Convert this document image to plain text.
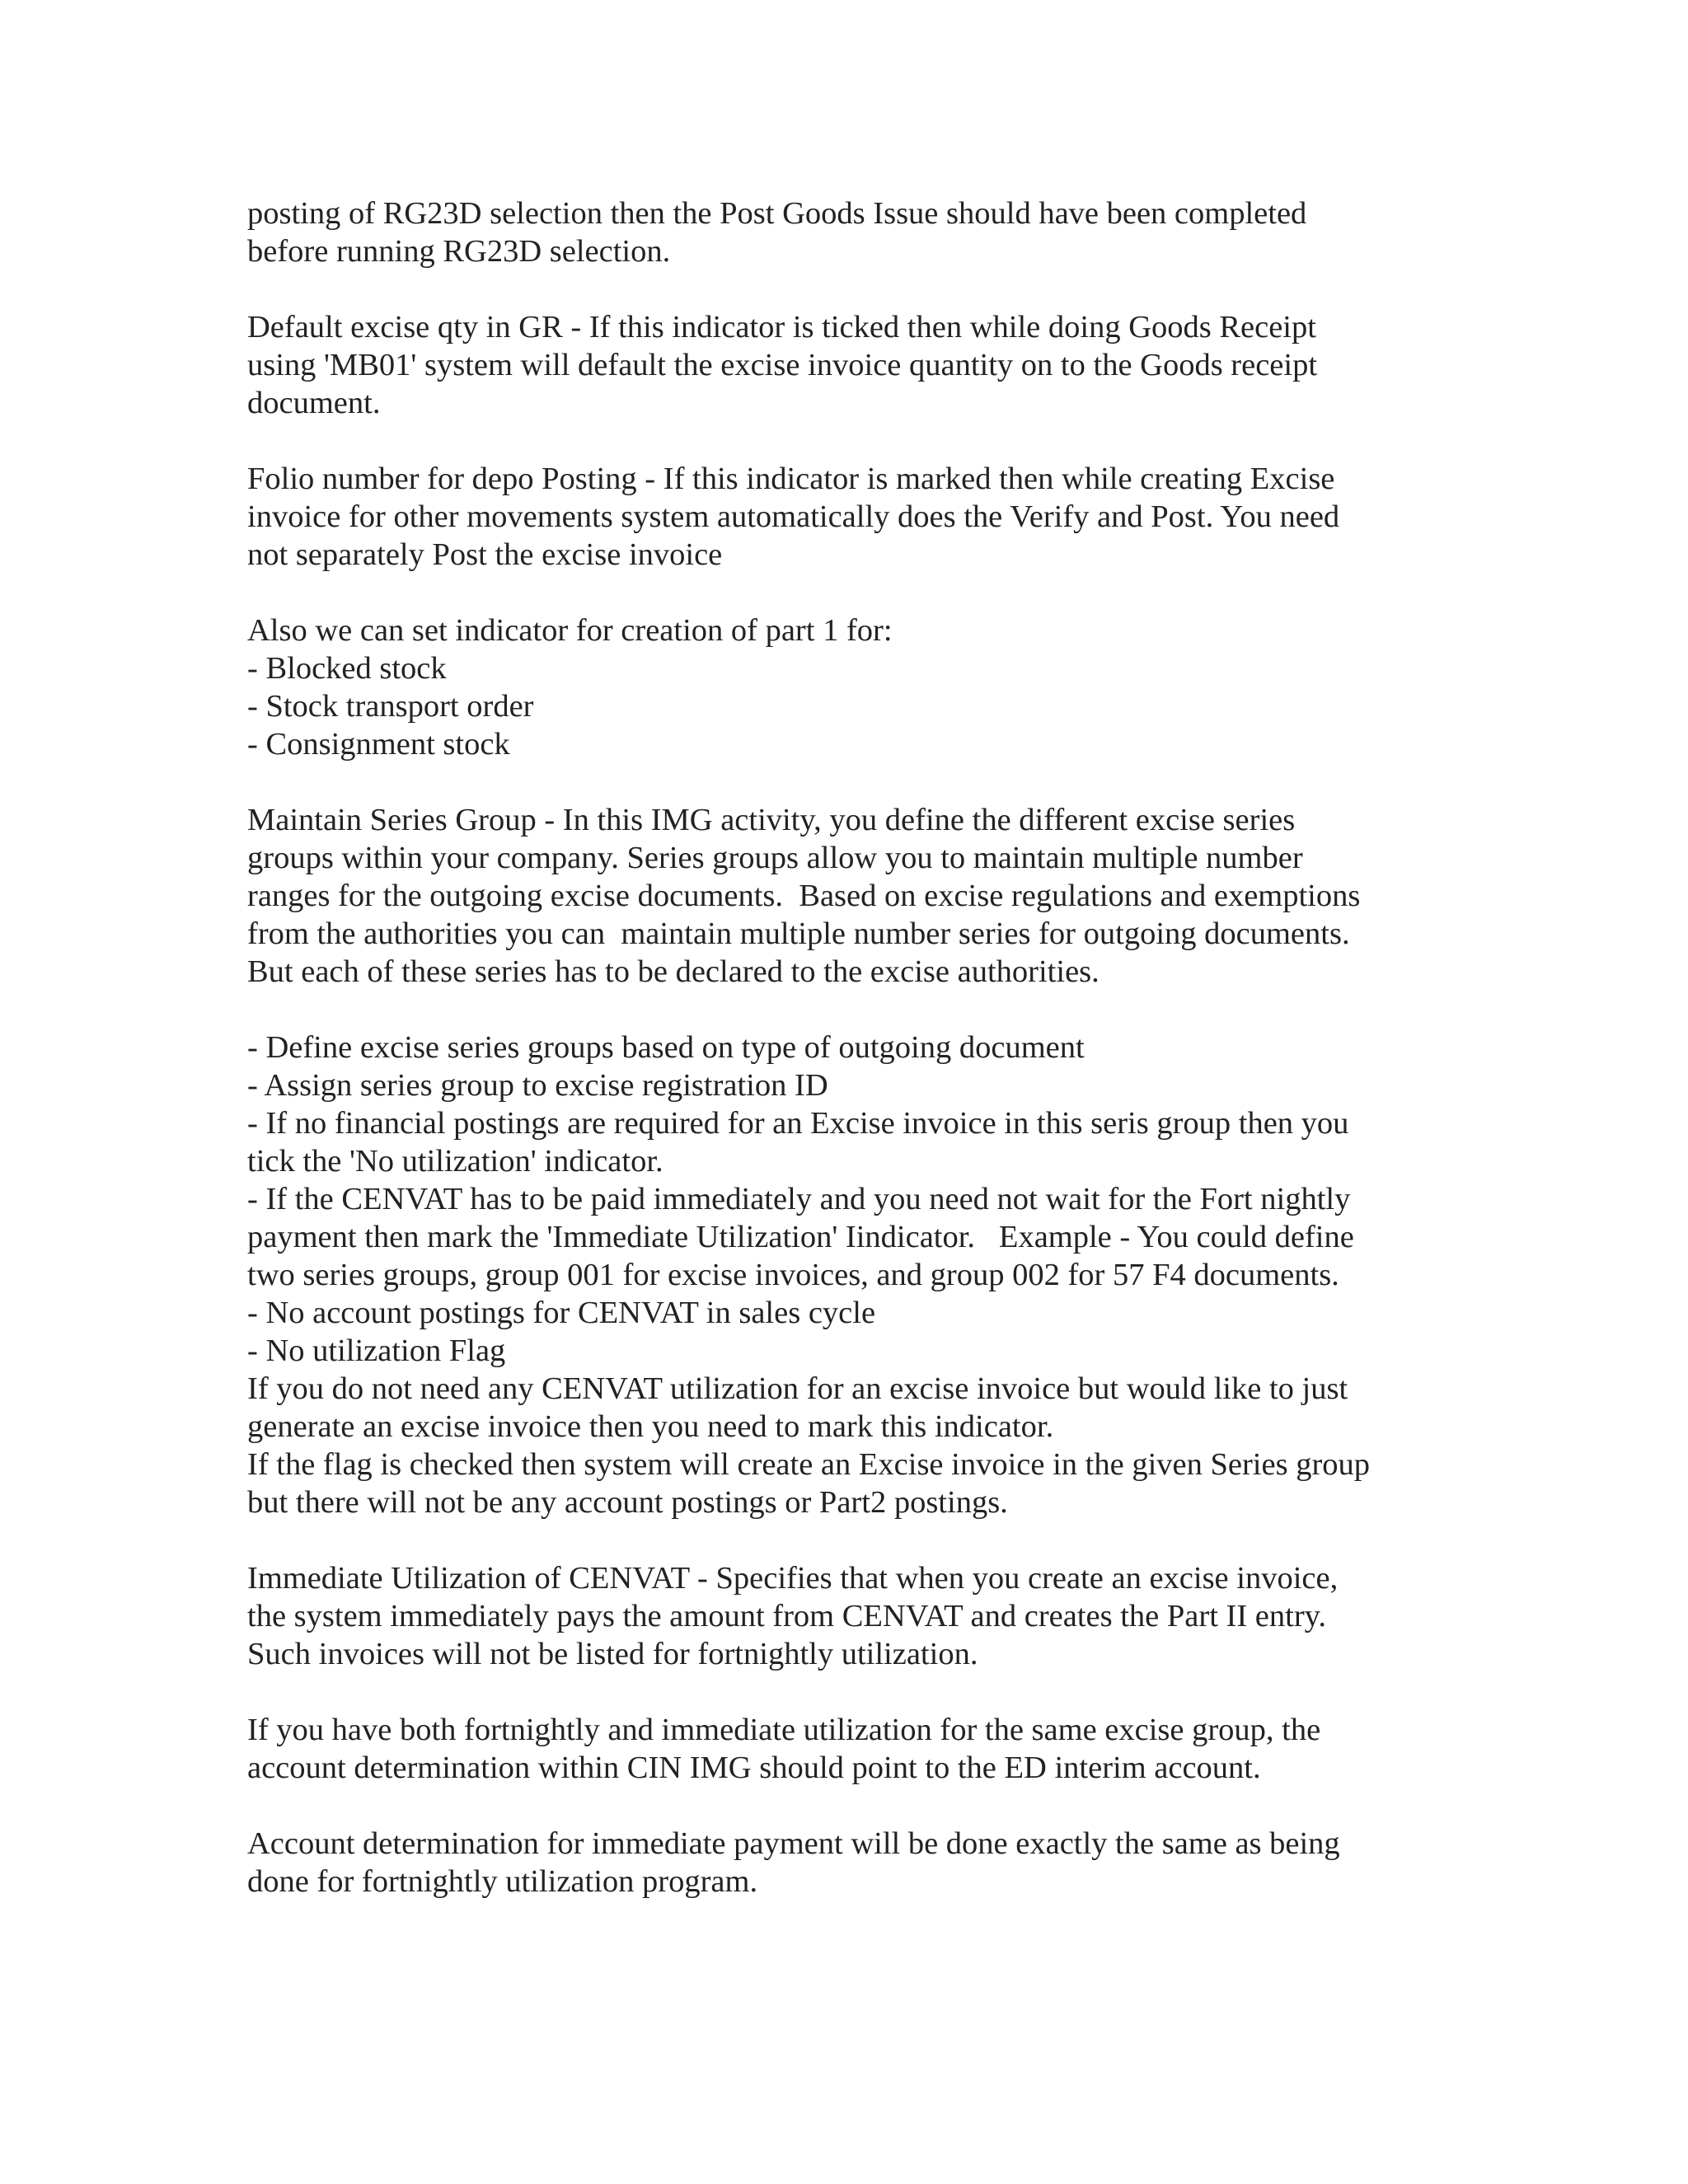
posting of RG23D selection then the Post Goods Issue should have been completed
before running RG23D selection.
Default excise qty in GR - If this indicator is ticked then while doing Goods Receipt
using 'MB01' system will default the excise invoice quantity on to the Goods receipt
document.
Folio number for depo Posting - If this indicator is marked then while creating Excise
invoice for other movements system automatically does the Verify and Post. You need
not separately Post the excise invoice
Also we can set indicator for creation of part 1 for:
- Blocked stock
- Stock transport order
- Consignment stock
Maintain Series Group - In this IMG activity, you define the different excise series
groups within your company. Series groups allow you to maintain multiple number
ranges for the outgoing excise documents.  Based on excise regulations and exemptions
from the authorities you can  maintain multiple number series for outgoing documents.
But each of these series has to be declared to the excise authorities.
- Define excise series groups based on type of outgoing document
- Assign series group to excise registration ID
- If no financial postings are required for an Excise invoice in this seris group then you
tick the 'No utilization' indicator.
- If the CENVAT has to be paid immediately and you need not wait for the Fort nightly
payment then mark the 'Immediate Utilization' Iindicator.   Example - You could define
two series groups, group 001 for excise invoices, and group 002 for 57 F4 documents.
- No account postings for CENVAT in sales cycle
- No utilization Flag
If you do not need any CENVAT utilization for an excise invoice but would like to just
generate an excise invoice then you need to mark this indicator.
If the flag is checked then system will create an Excise invoice in the given Series group
but there will not be any account postings or Part2 postings.
Immediate Utilization of CENVAT - Specifies that when you create an excise invoice,
the system immediately pays the amount from CENVAT and creates the Part II entry.
Such invoices will not be listed for fortnightly utilization.
If you have both fortnightly and immediate utilization for the same excise group, the
account determination within CIN IMG should point to the ED interim account.
Account determination for immediate payment will be done exactly the same as being
done for fortnightly utilization program.
